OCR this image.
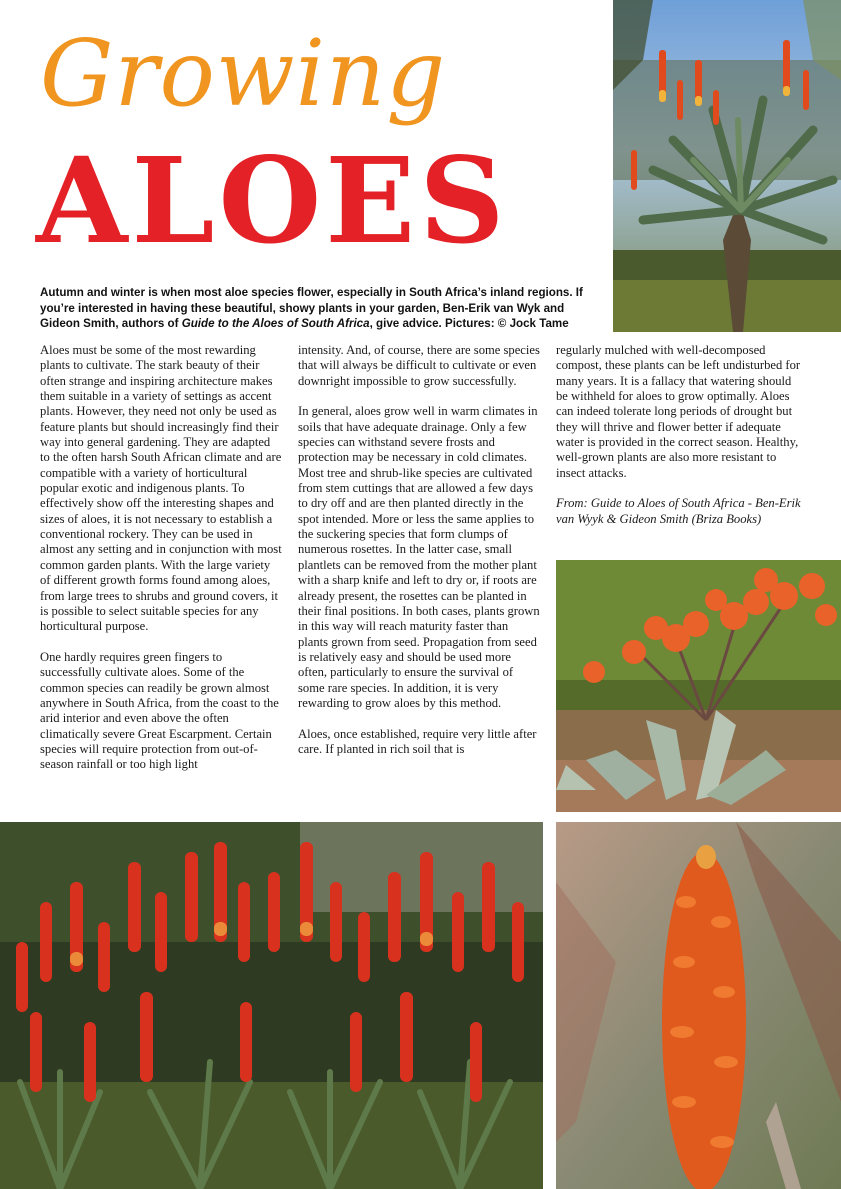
Growing
ALOES
Autumn and winter is when most aloe species flower, especially in South Africa’s inland regions. If you’re interested in having these beautiful, showy plants in your garden, Ben-Erik van Wyk and Gideon Smith, authors of Guide to the Aloes of South Africa, give advice. Pictures: © Jock Tame

Aloes must be some of the most rewarding plants to cultivate. The stark beauty of their often strange and inspiring architecture makes them suitable in a variety of settings as accent plants. However, they need not only be used as feature plants but should increasingly find their way into general gardening. They are adapted to the often harsh South African climate and are compatible with a variety of horticultural popular exotic and indigenous plants. To effectively show off the interesting shapes and sizes of aloes, it is not necessary to establish a conventional rockery. They can be used in almost any setting and in conjunction with most common garden plants. With the large variety of different growth forms found among aloes, from large trees to shrubs and ground covers, it is possible to select suitable species for any horticultural purpose.

One hardly requires green fingers to successfully cultivate aloes. Some of the common species can readily be grown almost anywhere in South Africa, from the coast to the arid interior and even above the often climatically severe Great Escarpment. Certain species will require protection from out-of-season rainfall or too high light

intensity. And, of course, there are some species that will always be difficult to cultivate or even downright impossible to grow successfully.

In general, aloes grow well in warm climates in soils that have adequate drainage. Only a few species can withstand severe frosts and protection may be necessary in cold climates. Most tree and shrub-like species are cultivated from stem cuttings that are allowed a few days to dry off and are then planted directly in the spot intended. More or less the same applies to the suckering species that form clumps of numerous rosettes. In the latter case, small plantlets can be removed from the mother plant with a sharp knife and left to dry or, if roots are already present, the rosettes can be planted in their final positions. In both cases, plants grown in this way will reach maturity faster than plants grown from seed. Propagation from seed is relatively easy and should be used more often, particularly to ensure the survival of some rare species. In addition, it is very rewarding to grow aloes by this method.

Aloes, once established, require very little after care. If planted in rich soil that is

regularly mulched with well-decomposed compost, these plants can be left undisturbed for many years. It is a fallacy that watering should be withheld for aloes to grow optimally. Aloes can indeed tolerate long periods of drought but they will thrive and flower better if adequate water is provided in the correct season. Healthy, well-grown plants are also more resistant to insect attacks.

From: Guide to Aloes of South Africa - Ben-Erik van Wyyk & Gideon Smith (Briza Books)
